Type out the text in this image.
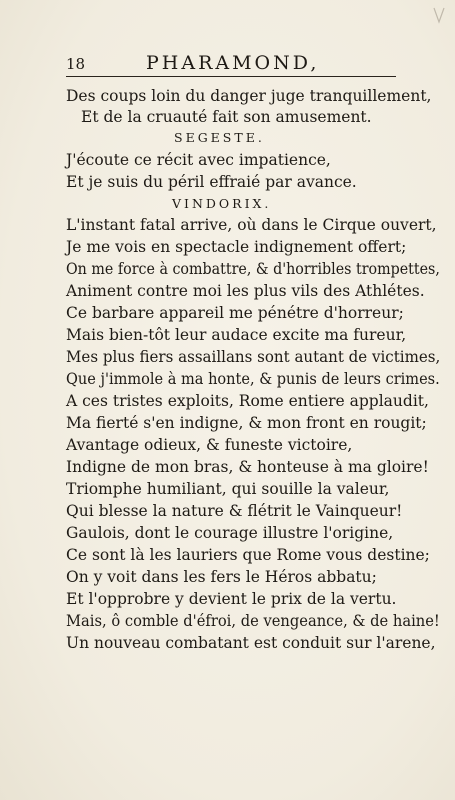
18	PHARAMOND,
Des coups loin du danger juge tranquillement,
Et de la cruauté fait son amusement.
SEGESTE.
J'écoute ce récit avec impatience,
Et je suis du péril effraié par avance.
VINDORIX.
L'instant fatal arrive, où dans le Cirque ouvert,
Je me vois en spectacle indignement offert;
On me force à combattre, & d'horribles trompettes,
Animent contre moi les plus vils des Athlétes.
Ce barbare appareil me pénétre d'horreur;
Mais bien-tôt leur audace excite ma fureur,
Mes plus fiers assaillans sont autant de victimes,
Que j'immole à ma honte, & punis de leurs crimes.
A ces tristes exploits, Rome entiere applaudit,
Ma fierté s'en indigne, & mon front en rougit;
Avantage odieux, & funeste victoire,
Indigne de mon bras, & honteuse à ma gloire!
Triomphe humiliant, qui souille la valeur,
Qui blesse la nature & flétrit le Vainqueur!
Gaulois, dont le courage illustre l'origine,
Ce sont là les lauriers que Rome vous destine;
On y voit dans les fers le Héros abbatu;
Et l'opprobre y devient le prix de la vertu.
Mais, ô comble d'éfroi, de vengeance, & de haine!
Un nouveau combatant est conduit sur l'arene,
